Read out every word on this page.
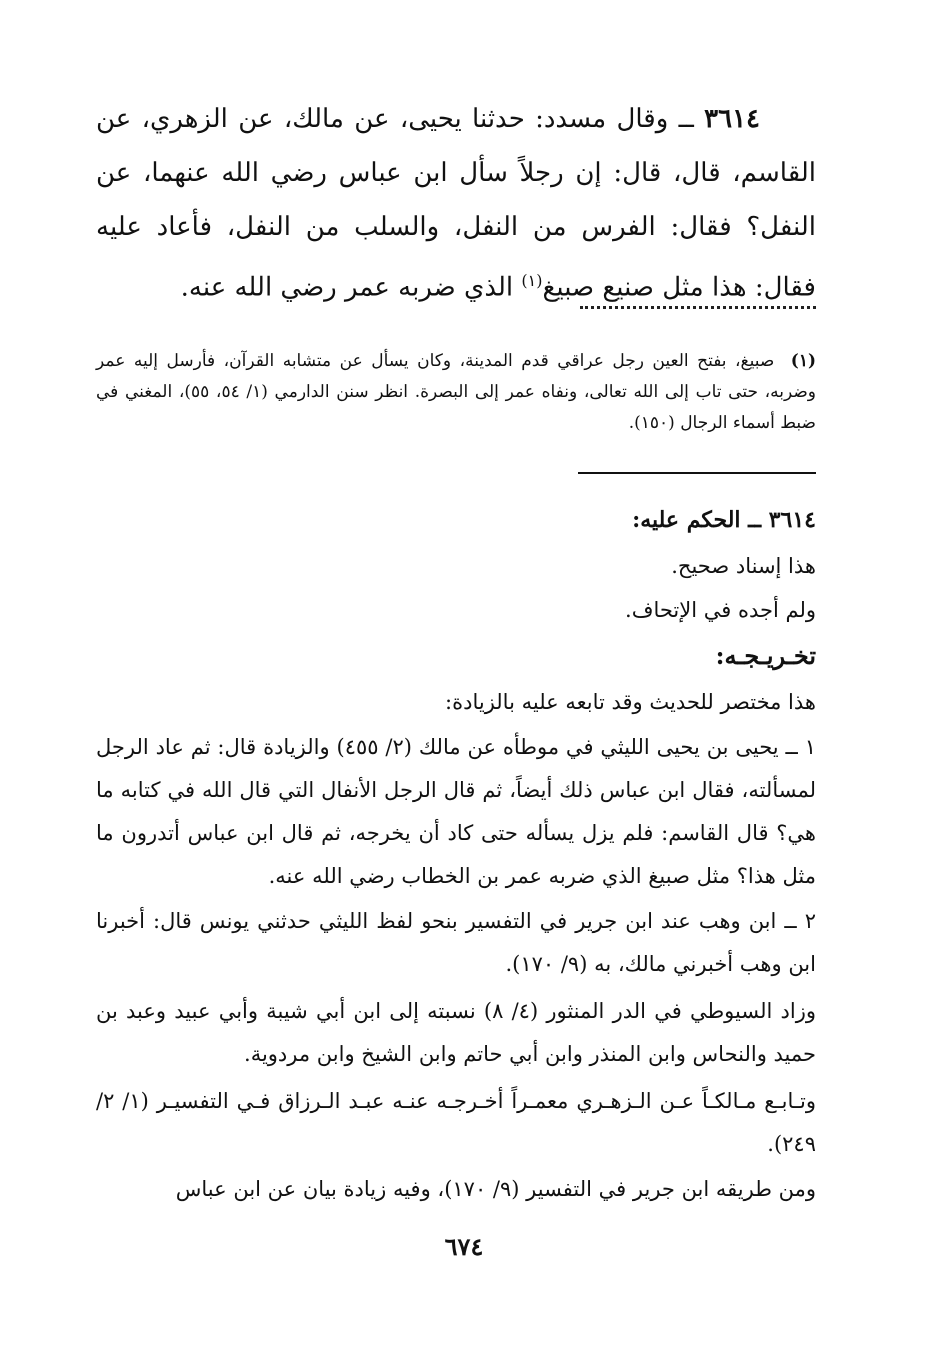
٣٦١٤ ــ وقال مسدد: حدثنا يحيى، عن مالك، عن الزهري، عن القاسم، قال، قال: إن رجلاً سأل ابن عباس رضي الله عنهما، عن النفل؟ فقال: الفرس من النفل، والسلب من النفل، فأعاد عليه فقال: هذا مثل صنيع صبيغ$^{(١)}$ الذي ضربه عمر رضي الله عنه.

(١) صبيغ، بفتح العين رجل عراقي قدم المدينة، وكان يسأل عن متشابه القرآن، فأرسل إليه عمر وضربه، حتى تاب إلى الله تعالى، ونفاه عمر إلى البصرة. انظر سنن الدارمي (١/ ٥٤، ٥٥)، المغني في ضبط أسماء الرجال (١٥٠).
٣٦١٤ ــ الحكم عليه:
هذا إسناد صحيح.
ولم أجده في الإتحاف.
تخـريـجـه:
هذا مختصر للحديث وقد تابعه عليه بالزيادة:
١ ــ يحيى بن يحيى الليثي في موطأه عن مالك (٢/ ٤٥٥) والزيادة قال: ثم عاد الرجل لمسألته، فقال ابن عباس ذلك أيضاً، ثم قال الرجل الأنفال التي قال الله في كتابه ما هي؟ قال القاسم: فلم يزل يسأله حتى كاد أن يخرجه، ثم قال ابن عباس أتدرون ما مثل هذا؟ مثل صبيغ الذي ضربه عمر بن الخطاب رضي الله عنه.
٢ ــ ابن وهب عند ابن جرير في التفسير بنحو لفظ الليثي حدثني يونس قال: أخبرنا ابن وهب أخبرني مالك، به (٩/ ١٧٠).
وزاد السيوطي في الدر المنثور (٤/ ٨) نسبته إلى ابن أبي شيبة وأبي عبيد وعبد بن حميد والنحاس وابن المنذر وابن أبي حاتم وابن الشيخ وابن مردوية.
وتـابـع مـالكـاً عـن الـزهـري معمـراً أخـرجـه عنـه عبـد الـرزاق فـي التفسيـر (١/ ٢/ ٢٤٩).
ومن طريقه ابن جرير في التفسير (٩/ ١٧٠)، وفيه زيادة بيان عن ابن عباس
٦٧٤
